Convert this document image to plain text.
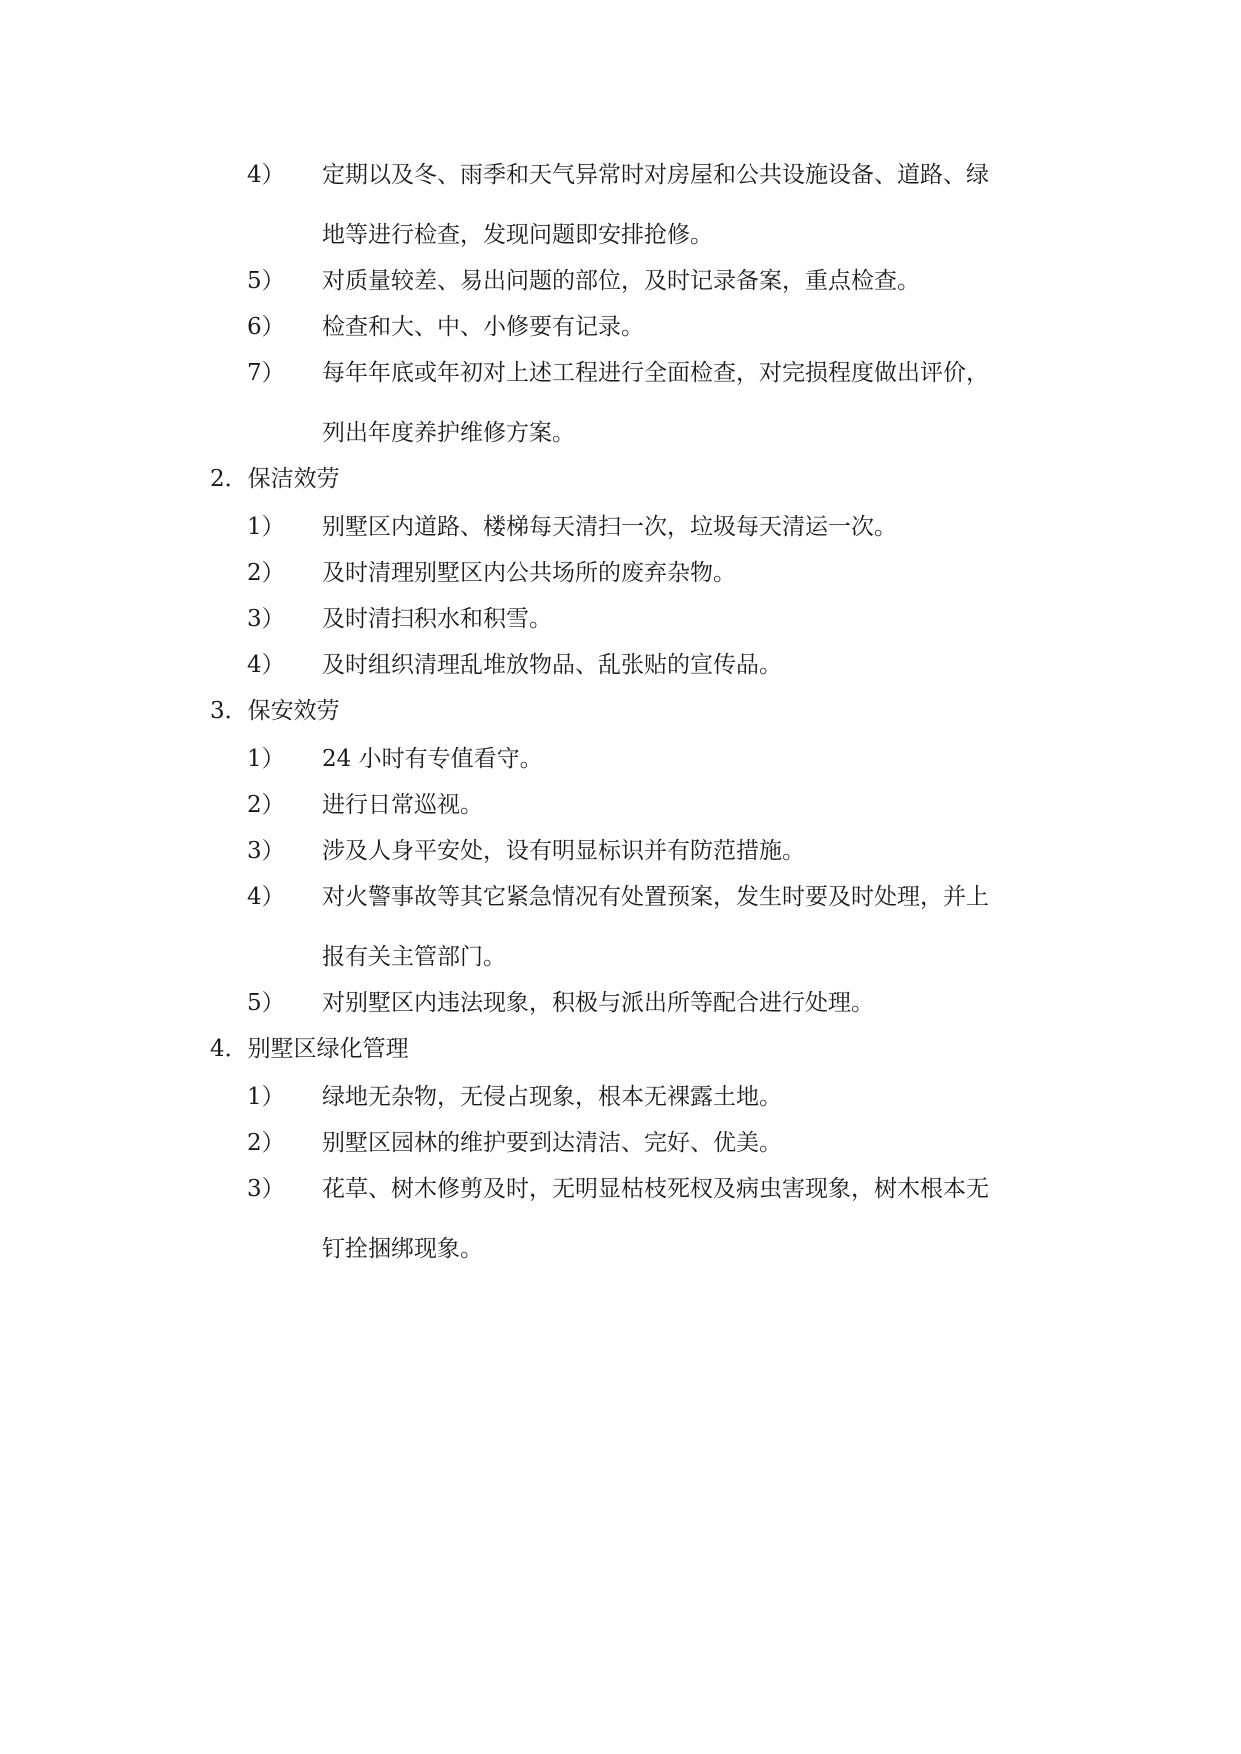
4） 定期以及冬、雨季和天气异常时对房屋和公共设施设备、道路、绿
地等进行检查，发现问题即安排抢修。
5） 对质量较差、易出问题的部位，及时记录备案，重点检查。
6） 检查和大、中、小修要有记录。
7） 每年年底或年初对上述工程进行全面检查，对完损程度做出评价，
列出年度养护维修方案。
2．保洁效劳
1） 别墅区内道路、楼梯每天清扫一次，垃圾每天清运一次。
2） 及时清理别墅区内公共场所的废弃杂物。
3） 及时清扫积水和积雪。
4） 及时组织清理乱堆放物品、乱张贴的宣传品。
3．保安效劳
1） 24 小时有专值看守。
2） 进行日常巡视。
3） 涉及人身平安处，设有明显标识并有防范措施。
4） 对火警事故等其它紧急情况有处置预案，发生时要及时处理，并上
报有关主管部门。
5） 对别墅区内违法现象，积极与派出所等配合进行处理。
4．别墅区绿化管理
1） 绿地无杂物，无侵占现象，根本无裸露土地。
2） 别墅区园林的维护要到达清洁、完好、优美。
3） 花草、树木修剪及时，无明显枯枝死杈及病虫害现象，树木根本无
钉拴捆绑现象。
